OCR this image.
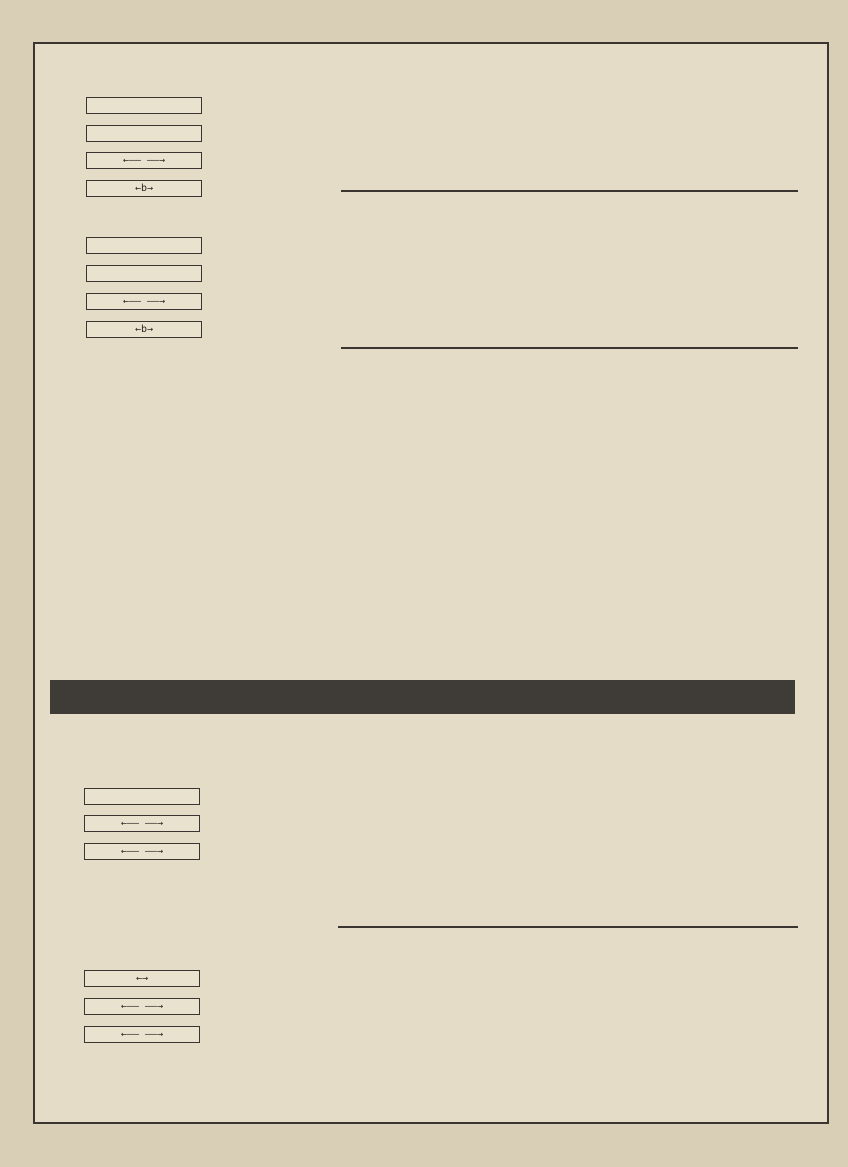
←—— ——→
←b→

←—— ——→
←b→

←—— ——→
←—— ——→

←→
←—— ——→
←—— ——→
